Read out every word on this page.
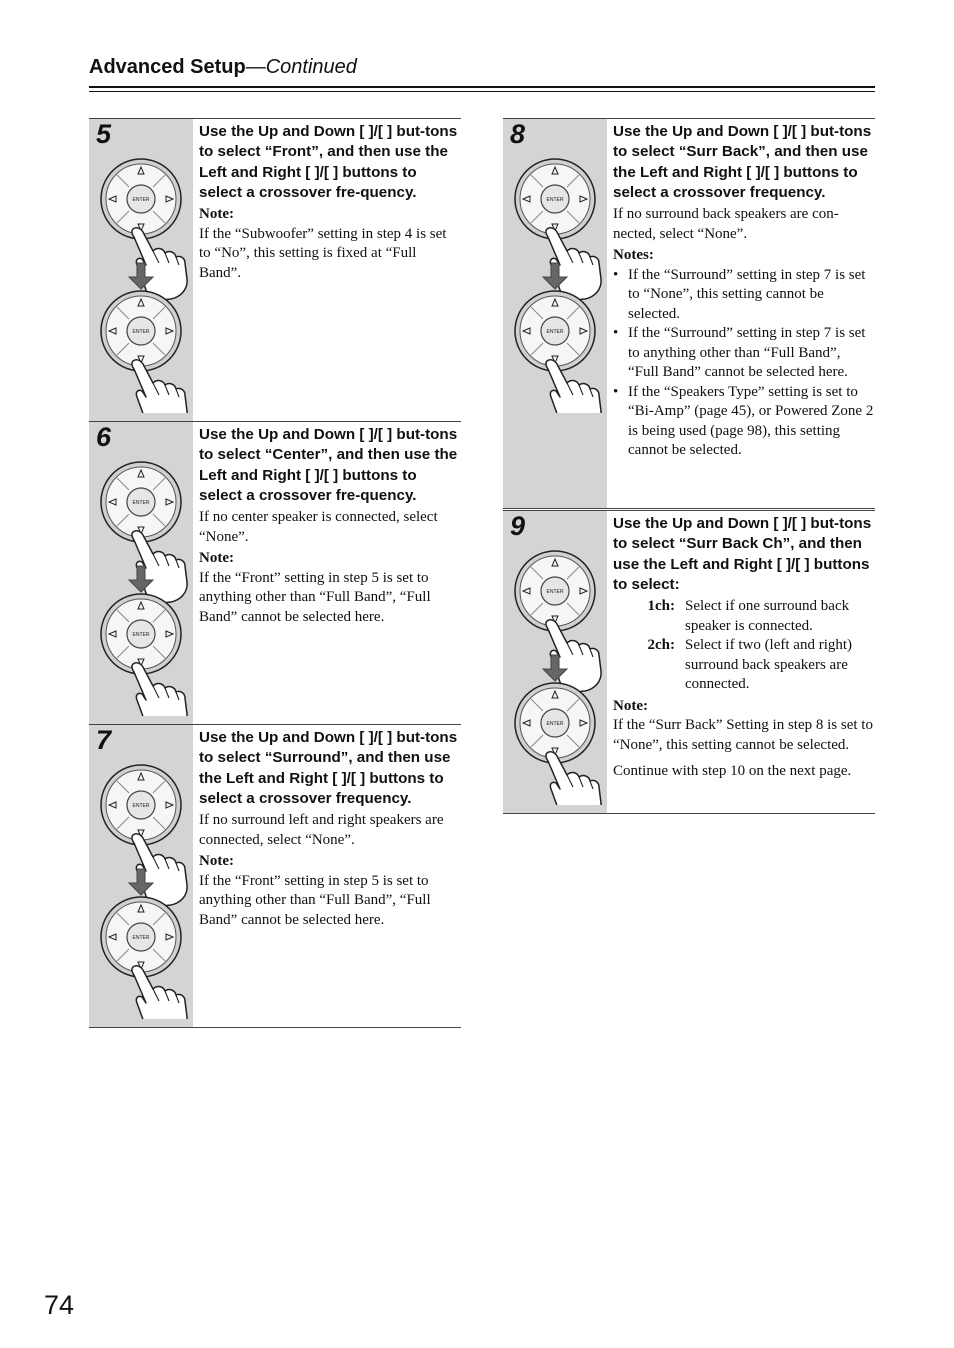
Advanced Setup—Continued
5
ENTER
ENTER
Use the Up and Down [ ]/[ ] but-tons to select “Front”, and then use the Left and Right [ ]/[ ] buttons to select a crossover fre-quency.
Note:
If the “Subwoofer” setting in step 4 is set to “No”, this setting is fixed at “Full Band”.
6
ENTER
ENTER
Use the Up and Down [ ]/[ ] but-tons to select “Center”, and then use the Left and Right [ ]/[ ] buttons to select a crossover fre-quency.
If no center speaker is connected, select “None”.
Note:
If the “Front” setting in step 5 is set to anything other than “Full Band”, “Full Band” cannot be selected here.
7
ENTER
ENTER
Use the Up and Down [ ]/[ ] but-tons to select “Surround”, and then use the Left and Right [ ]/[ ] buttons to select a crossover frequency.
If no surround left and right speakers are connected, select “None”.
Note:
If the “Front” setting in step 5 is set to anything other than “Full Band”, “Full Band” cannot be selected here.
8
ENTER
ENTER
Use the Up and Down [ ]/[ ] but-tons to select “Surr Back”, and then use the Left and Right [ ]/[ ] buttons to select a crossover frequency.
If no surround back speakers are con-nected, select “None”.
Notes:
• If the “Surround” setting in step 7 is set to “None”, this setting cannot be selected.
• If the “Surround” setting in step 7 is set to anything other than “Full Band”, “Full Band” cannot be selected here.
• If the “Speakers Type” setting is set to “Bi-Amp” (page 45), or Powered Zone 2 is being used (page 98), this setting cannot be selected.
9
ENTER
ENTER
Use the Up and Down [ ]/[ ] but-tons to select “Surr Back Ch”, and then use the Left and Right [ ]/[ ] buttons to select:
1ch: Select if one surround back speaker is connected.
2ch: Select if two (left and right) surround back speakers are connected.
Note:
If the “Surr Back” Setting in step 8 is set to “None”, this setting cannot be selected.
Continue with step 10 on the next page.
74
